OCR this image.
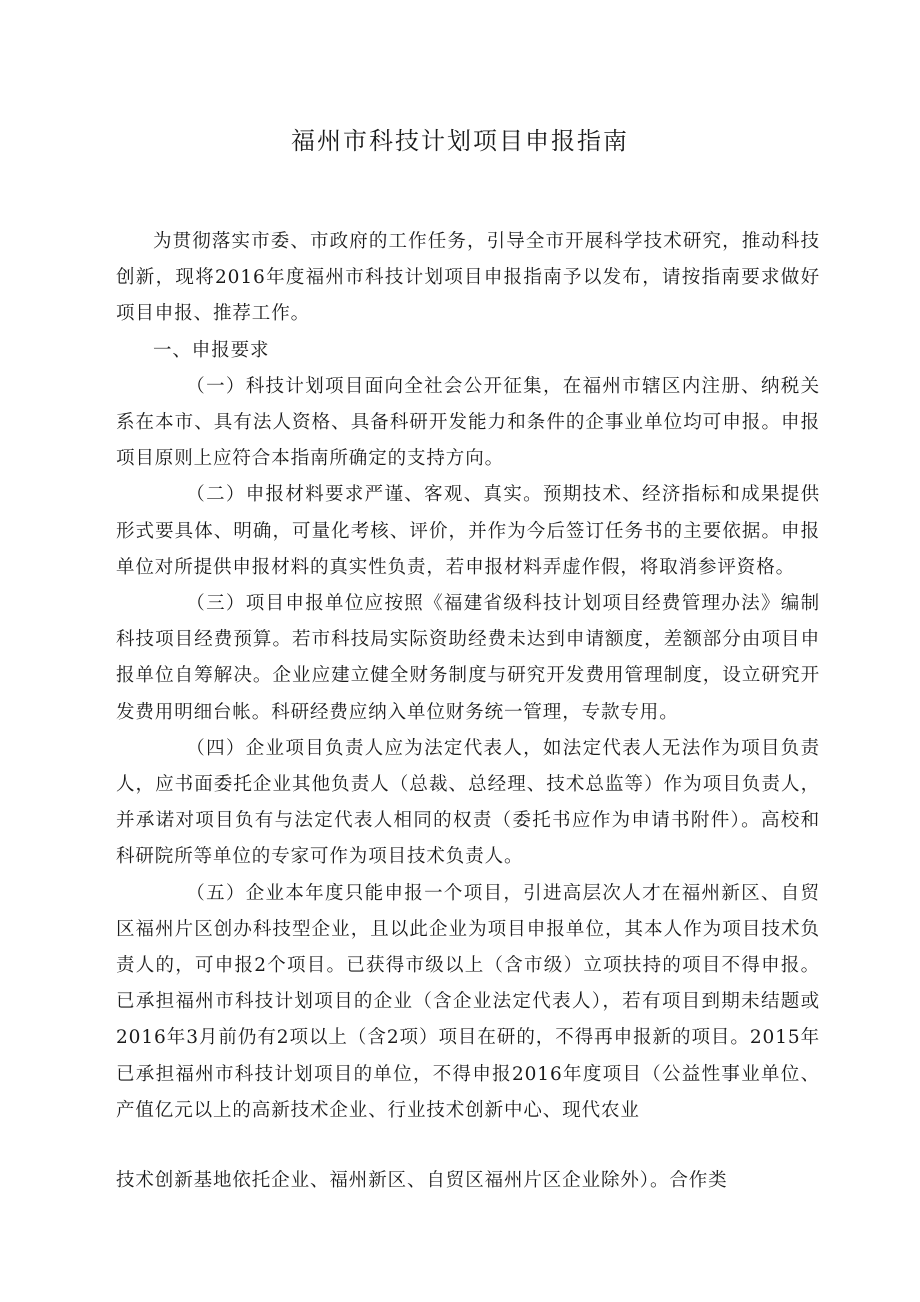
福州市科技计划项目申报指南

为贯彻落实市委、市政府的工作任务，引导全市开展科学技术研究，推动科技创新，现将2016年度福州市科技计划项目申报指南予以发布，请按指南要求做好项目申报、推荐工作。

一、申报要求

（一）科技计划项目面向全社会公开征集，在福州市辖区内注册、纳税关系在本市、具有法人资格、具备科研开发能力和条件的企事业单位均可申报。申报项目原则上应符合本指南所确定的支持方向。

（二）申报材料要求严谨、客观、真实。预期技术、经济指标和成果提供形式要具体、明确，可量化考核、评价，并作为今后签订任务书的主要依据。申报单位对所提供申报材料的真实性负责，若申报材料弄虚作假，将取消参评资格。

（三）项目申报单位应按照《福建省级科技计划项目经费管理办法》编制科技项目经费预算。若市科技局实际资助经费未达到申请额度，差额部分由项目申报单位自筹解决。企业应建立健全财务制度与研究开发费用管理制度，设立研究开发费用明细台帐。科研经费应纳入单位财务统一管理，专款专用。

（四）企业项目负责人应为法定代表人，如法定代表人无法作为项目负责人，应书面委托企业其他负责人（总裁、总经理、技术总监等）作为项目负责人，并承诺对项目负有与法定代表人相同的权责（委托书应作为申请书附件）。高校和科研院所等单位的专家可作为项目技术负责人。

（五）企业本年度只能申报一个项目，引进高层次人才在福州新区、自贸区福州片区创办科技型企业，且以此企业为项目申报单位，其本人作为项目技术负责人的，可申报2个项目。已获得市级以上（含市级）立项扶持的项目不得申报。已承担福州市科技计划项目的企业（含企业法定代表人），若有项目到期未结题或2016年3月前仍有2项以上（含2项）项目在研的，不得再申报新的项目。2015年已承担福州市科技计划项目的单位，不得申报2016年度项目（公益性事业单位、产值亿元以上的高新技术企业、行业技术创新中心、现代农业

技术创新基地依托企业、福州新区、自贸区福州片区企业除外）。合作类
